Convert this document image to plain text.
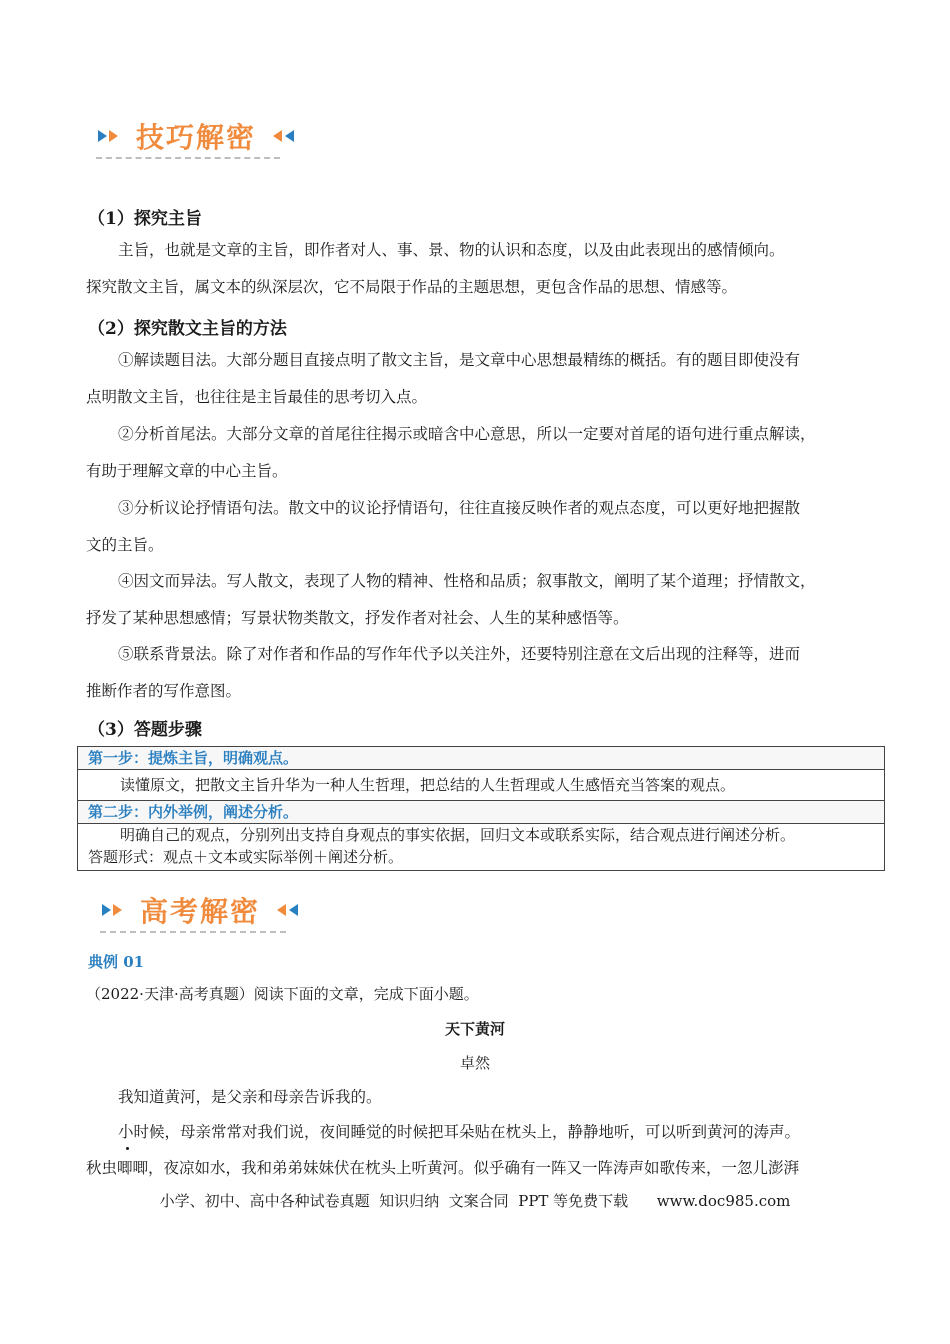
技巧解密
（1）探究主旨
主旨，也就是文章的主旨，即作者对人、事、景、物的认识和态度，以及由此表现出的感情倾向。
探究散文主旨，属文本的纵深层次，它不局限于作品的主题思想，更包含作品的思想、情感等。
（2）探究散文主旨的方法
①解读题目法。大部分题目直接点明了散文主旨，是文章中心思想最精练的概括。有的题目即使没有
点明散文主旨，也往往是主旨最佳的思考切入点。
②分析首尾法。大部分文章的首尾往往揭示或暗含中心意思，所以一定要对首尾的语句进行重点解读，
有助于理解文章的中心主旨。
③分析议论抒情语句法。散文中的议论抒情语句，往往直接反映作者的观点态度，可以更好地把握散
文的主旨。
④因文而异法。写人散文，表现了人物的精神、性格和品质；叙事散文，阐明了某个道理；抒情散文，
抒发了某种思想感情；写景状物类散文，抒发作者对社会、人生的某种感悟等。
⑤联系背景法。除了对作者和作品的写作年代予以关注外，还要特别注意在文后出现的注释等，进而
推断作者的写作意图。
（3）答题步骤
第一步：提炼主旨，明确观点。
读懂原文，把散文主旨升华为一种人生哲理，把总结的人生哲理或人生感悟充当答案的观点。
第二步：内外举例，阐述分析。

明确自己的观点，分别列出支持自身观点的事实依据，回归文本或联系实际，结合观点进行阐述分析。
答题形式：观点＋文本或实际举例＋阐述分析。
高考解密
典例 01
（2022·天津·高考真题）阅读下面的文章，完成下面小题。
天下黄河
卓然
我知道黄河，是父亲和母亲告诉我的。
小时候，母亲常常对我们说，夜间睡觉的时候把耳朵贴在枕头上，静静地听，可以听到黄河的涛声。
秋虫唧唧，夜凉如水，我和弟弟妹妹伏在枕头上听黄河。似乎确有一阵又一阵涛声如歌传来，一忽儿澎湃
小学、初中、高中各种试卷真题  知识归纳  文案合同  PPT 等免费下载      www.doc985.com
